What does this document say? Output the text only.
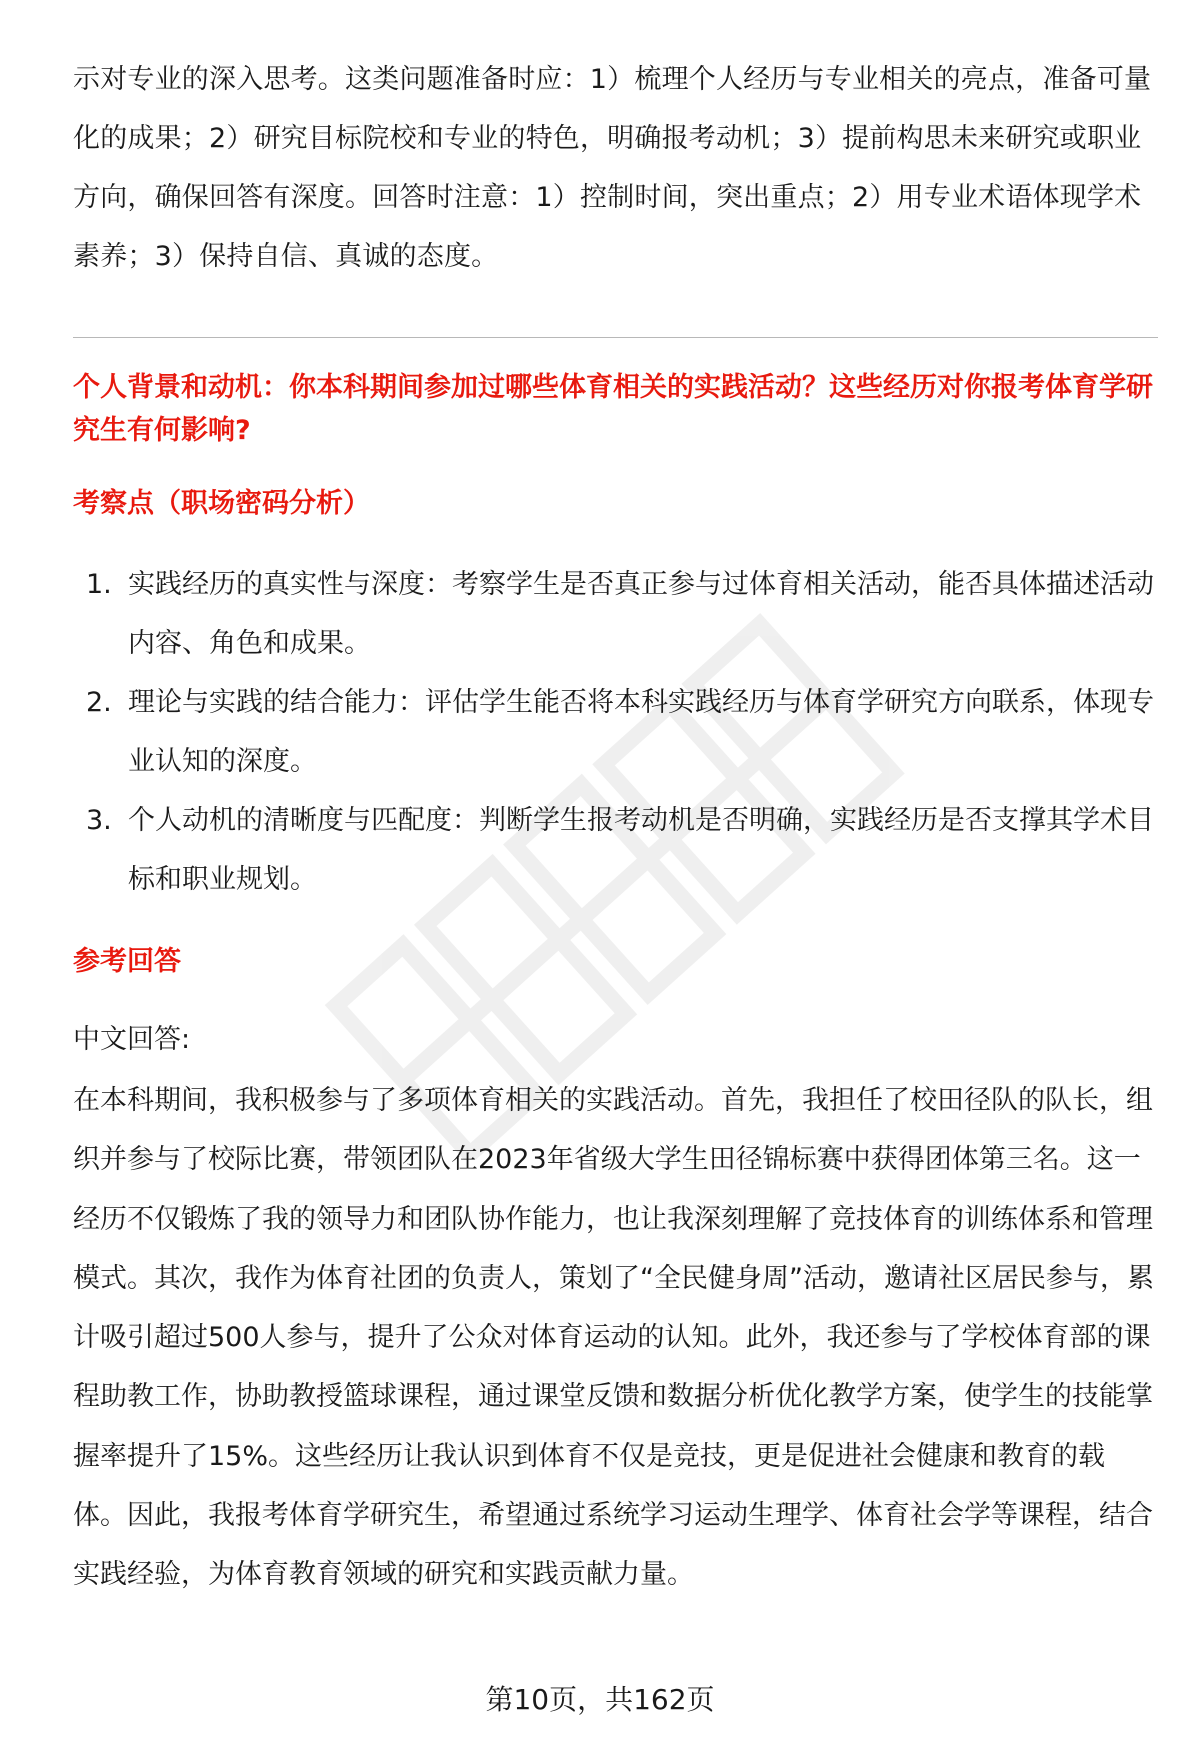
示对专业的深入思考。这类问题准备时应：1）梳理个人经历与专业相关的亮点，准备可量化的成果；2）研究目标院校和专业的特色，明确报考动机；3）提前构思未来研究或职业方向，确保回答有深度。回答时注意：1）控制时间，突出重点；2）用专业术语体现学术素养；3）保持自信、真诚的态度。

个人背景和动机：你本科期间参加过哪些体育相关的实践活动？这些经历对你报考体育学研究生有何影响?

考察点（职场密码分析）

1. 实践经历的真实性与深度：考察学生是否真正参与过体育相关活动，能否具体描述活动内容、角色和成果。
2. 理论与实践的结合能力：评估学生能否将本科实践经历与体育学研究方向联系，体现专业认知的深度。
3. 个人动机的清晰度与匹配度：判断学生报考动机是否明确，实践经历是否支撑其学术目标和职业规划。

参考回答

中文回答:

在本科期间，我积极参与了多项体育相关的实践活动。首先，我担任了校田径队的队长，组织并参与了校际比赛，带领团队在2023年省级大学生田径锦标赛中获得团体第三名。这一经历不仅锻炼了我的领导力和团队协作能力，也让我深刻理解了竞技体育的训练体系和管理模式。其次，我作为体育社团的负责人，策划了“全民健身周”活动，邀请社区居民参与，累计吸引超过500人参与，提升了公众对体育运动的认知。此外，我还参与了学校体育部的课程助教工作，协助教授篮球课程，通过课堂反馈和数据分析优化教学方案，使学生的技能掌握率提升了15%。这些经历让我认识到体育不仅是竞技，更是促进社会健康和教育的载体。因此，我报考体育学研究生，希望通过系统学习运动生理学、体育社会学等课程，结合实践经验，为体育教育领域的研究和实践贡献力量。

第10页，共162页
